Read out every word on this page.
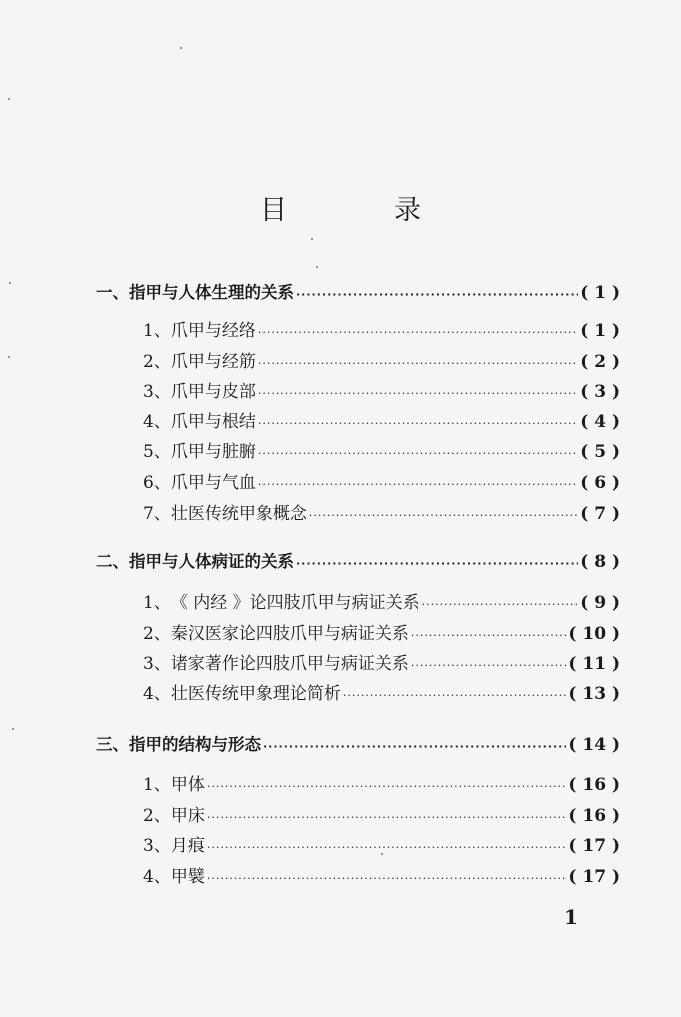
目　录
一 、 指甲与人体生理的关系 ·····	( 1 )
1 、 爪甲与经络 ·····	( 1 )
2 、 爪甲与经筋 ·····	( 2 )
3 、 爪甲与皮部 ·····	( 3 )
4 、 爪甲与根结 ·····	( 4 )
5 、 爪甲与脏腑 ·····	( 5 )
6 、 爪甲与气血 ·····	( 6 )
7 、 壮医传统甲象概念 ·····	( 7 )
二 、 指甲与人体病证的关系 ·····	( 8 )
1 、 《 内经 》论四肢爪甲与病证关系 ·····	( 9 )
2 、 秦汉医家论四肢爪甲与病证关系 ·····	( 10 )
3 、 诸家著作论四肢爪甲与病证关系 ·····	( 11 )
4 、 壮医传统甲象理论简析 ·····	( 13 )
三 、 指甲的结构与形态 ·····	( 14 )
1 、 甲体 ·····	( 16 )
2 、 甲床 ·····	( 16 )
3 、 月痕 ·····	( 17 )
4 、 甲襞 ·····	( 17 )
1
